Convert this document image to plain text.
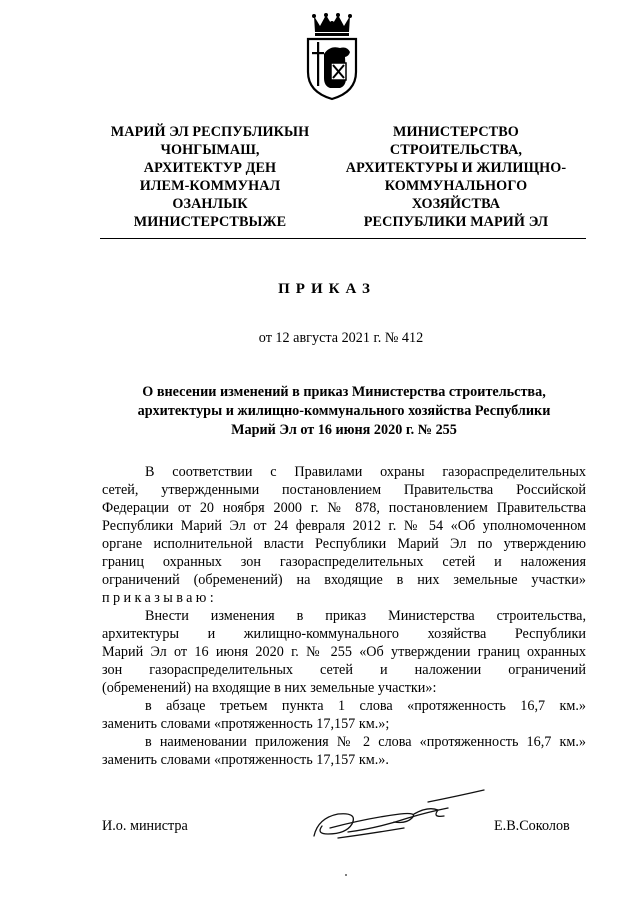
МАРИЙ ЭЛ РЕСПУБЛИКЫН
ЧОНГЫМАШ,
АРХИТЕКТУР ДЕН
ИЛЕМ-КОММУНАЛ
ОЗАНЛЫК
МИНИСТЕРСТВЫЖЕ
МИНИСТЕРСТВО
СТРОИТЕЛЬСТВА,
АРХИТЕКТУРЫ И ЖИЛИЩНО-
КОММУНАЛЬНОГО
ХОЗЯЙСТВА
РЕСПУБЛИКИ МАРИЙ ЭЛ
ПРИКАЗ
от 12 августа 2021 г. № 412
О внесении изменений в приказ Министерства строительства,
архитектуры и жилищно-коммунального хозяйства Республики
Марий Эл от 16 июня 2020 г. № 255
В соответствии с Правилами охраны газораспределительных
сетей, утвержденными постановлением Правительства Российской
Федерации от 20 ноября 2000 г. № 878, постановлением Правительства
Республики Марий Эл от 24 февраля 2012 г. № 54 «Об уполномоченном
органе исполнительной власти Республики Марий Эл по утверждению
границ охранных зон газораспределительных сетей и наложения
ограничений (обременений) на входящие в них земельные участки»
приказываю:
Внести изменения в приказ Министерства строительства,
архитектуры и жилищно-коммунального хозяйства Республики
Марий Эл от 16 июня 2020 г. № 255 «Об утверждении границ охранных
зон газораспределительных сетей и наложении ограничений
(обременений) на входящие в них земельные участки»:
в абзаце третьем пункта 1 слова «протяженность 16,7 км.»
заменить словами «протяженность 17,157 км.»;
в наименовании приложения № 2 слова «протяженность 16,7 км.»
заменить словами «протяженность 17,157 км.».
И.о. министра	Е.В.Соколов
